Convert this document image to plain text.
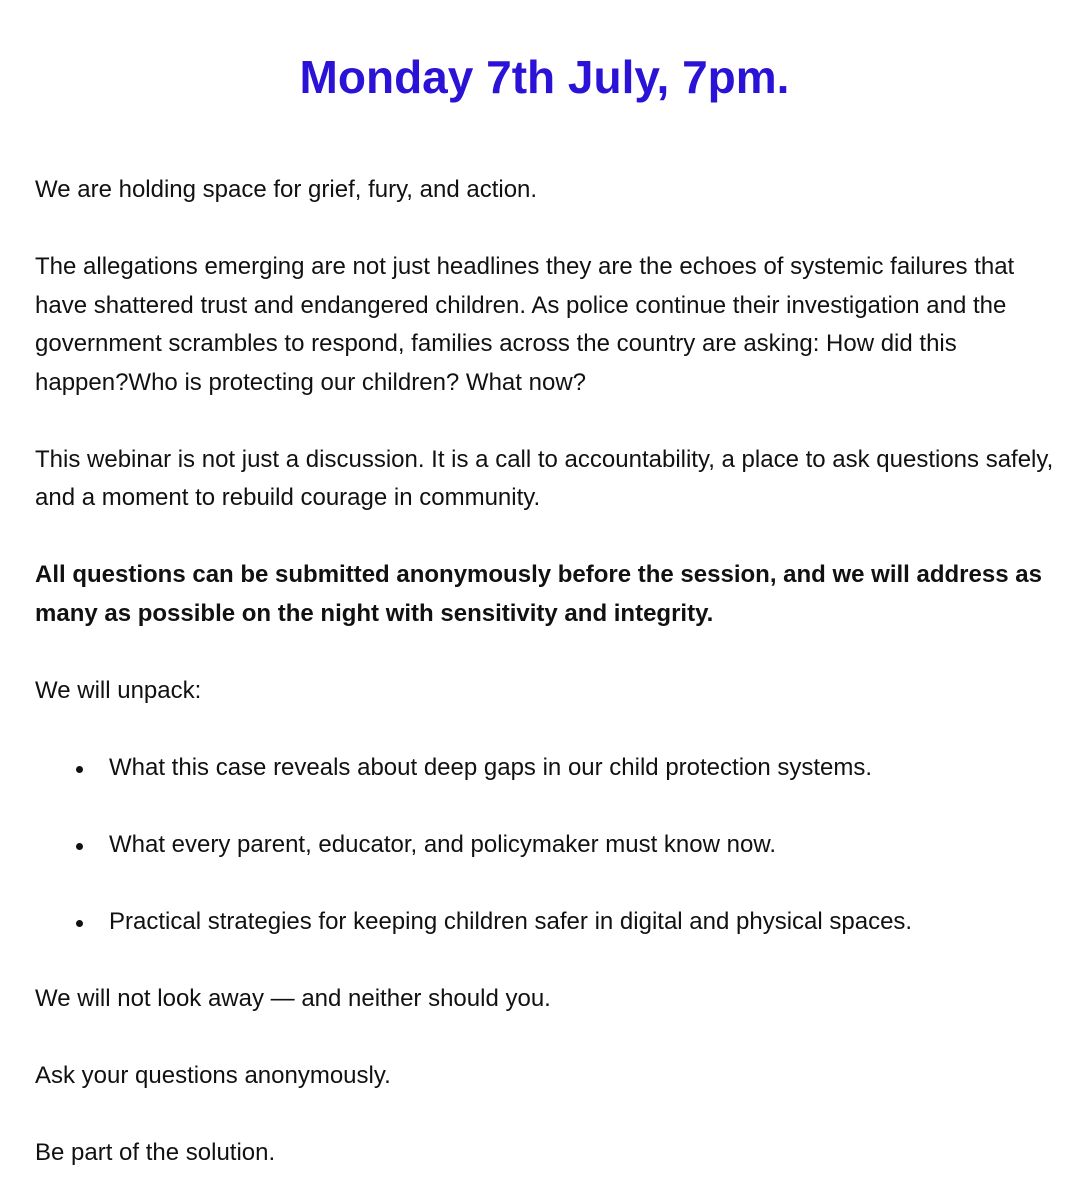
Monday 7th July, 7pm.

We are holding space for grief, fury, and action.

The allegations emerging are not just headlines they are the echoes of systemic failures that have shattered trust and endangered children. As police continue their investigation and the government scrambles to respond, families across the country are asking: How did this happen?Who is protecting our children? What now?

This webinar is not just a discussion. It is a call to accountability, a place to ask questions safely, and a moment to rebuild courage in community.

All questions can be submitted anonymously before the session, and we will address as many as possible on the night with sensitivity and integrity.

We will unpack:

What this case reveals about deep gaps in our child protection systems.
What every parent, educator, and policymaker must know now.
Practical strategies for keeping children safer in digital and physical spaces.

We will not look away — and neither should you.

Ask your questions anonymously.

Be part of the solution.
